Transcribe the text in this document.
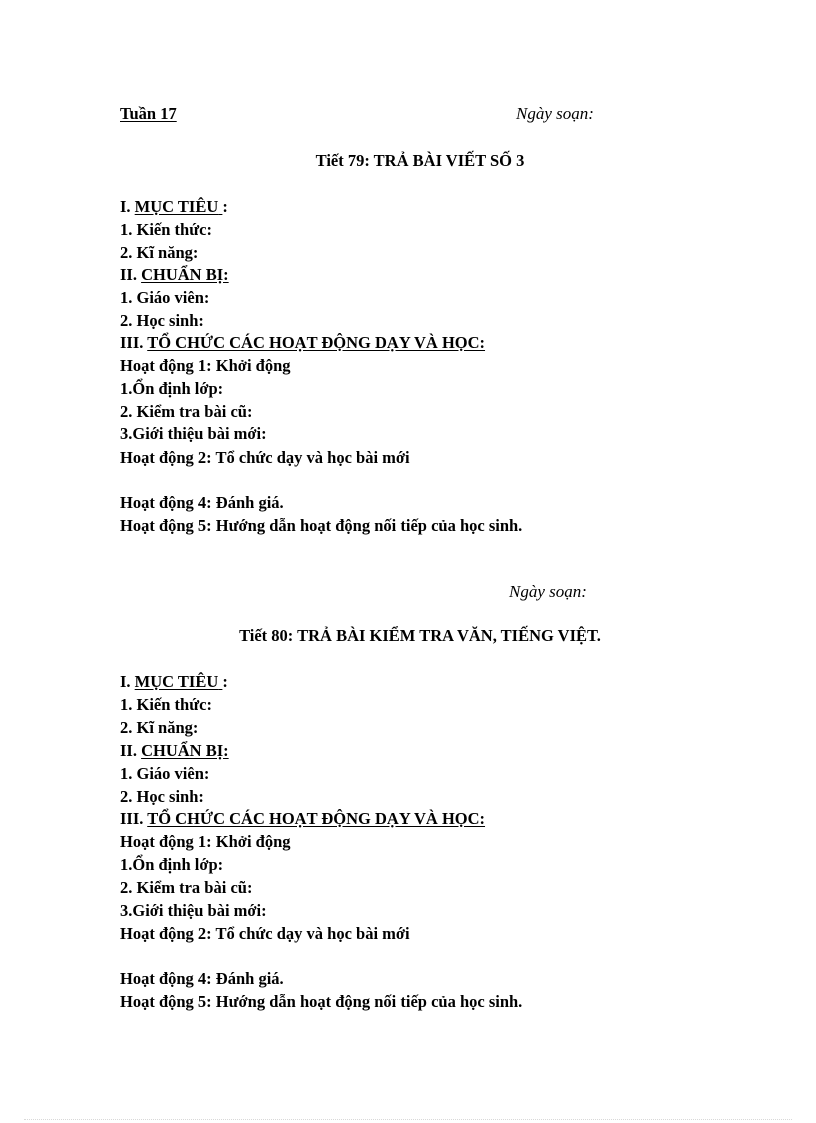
Tuần 17	Ngày soạn:
Tiết 79: TRẢ BÀI VIẾT SỐ 3
I. MỤC TIÊU :
1. Kiến thức:
2. Kĩ năng:
II. CHUẨN BỊ:
1. Giáo viên:
2. Học sinh:
III. TỔ CHỨC CÁC HOẠT ĐỘNG DẠY VÀ HỌC:
Hoạt động 1: Khởi động
1.Ổn định lớp:
2. Kiểm tra bài cũ:
3.Giới thiệu bài mới:
Hoạt động 2: Tổ chức dạy và học bài mới
Hoạt động 4: Đánh giá.
Hoạt động 5: Hướng dẫn hoạt động nối tiếp của học sinh.
Ngày soạn:
Tiết 80: TRẢ BÀI KIỂM TRA VĂN, TIẾNG VIỆT.
I. MỤC TIÊU :
1. Kiến thức:
2. Kĩ năng:
II. CHUẨN BỊ:
1. Giáo viên:
2. Học sinh:
III. TỔ CHỨC CÁC HOẠT ĐỘNG DẠY VÀ HỌC:
Hoạt động 1: Khởi động
1.Ổn định lớp:
2. Kiểm tra bài cũ:
3.Giới thiệu bài mới:
Hoạt động 2: Tổ chức dạy và học bài mới
Hoạt động 4: Đánh giá.
Hoạt động 5: Hướng dẫn hoạt động nối tiếp của học sinh.
